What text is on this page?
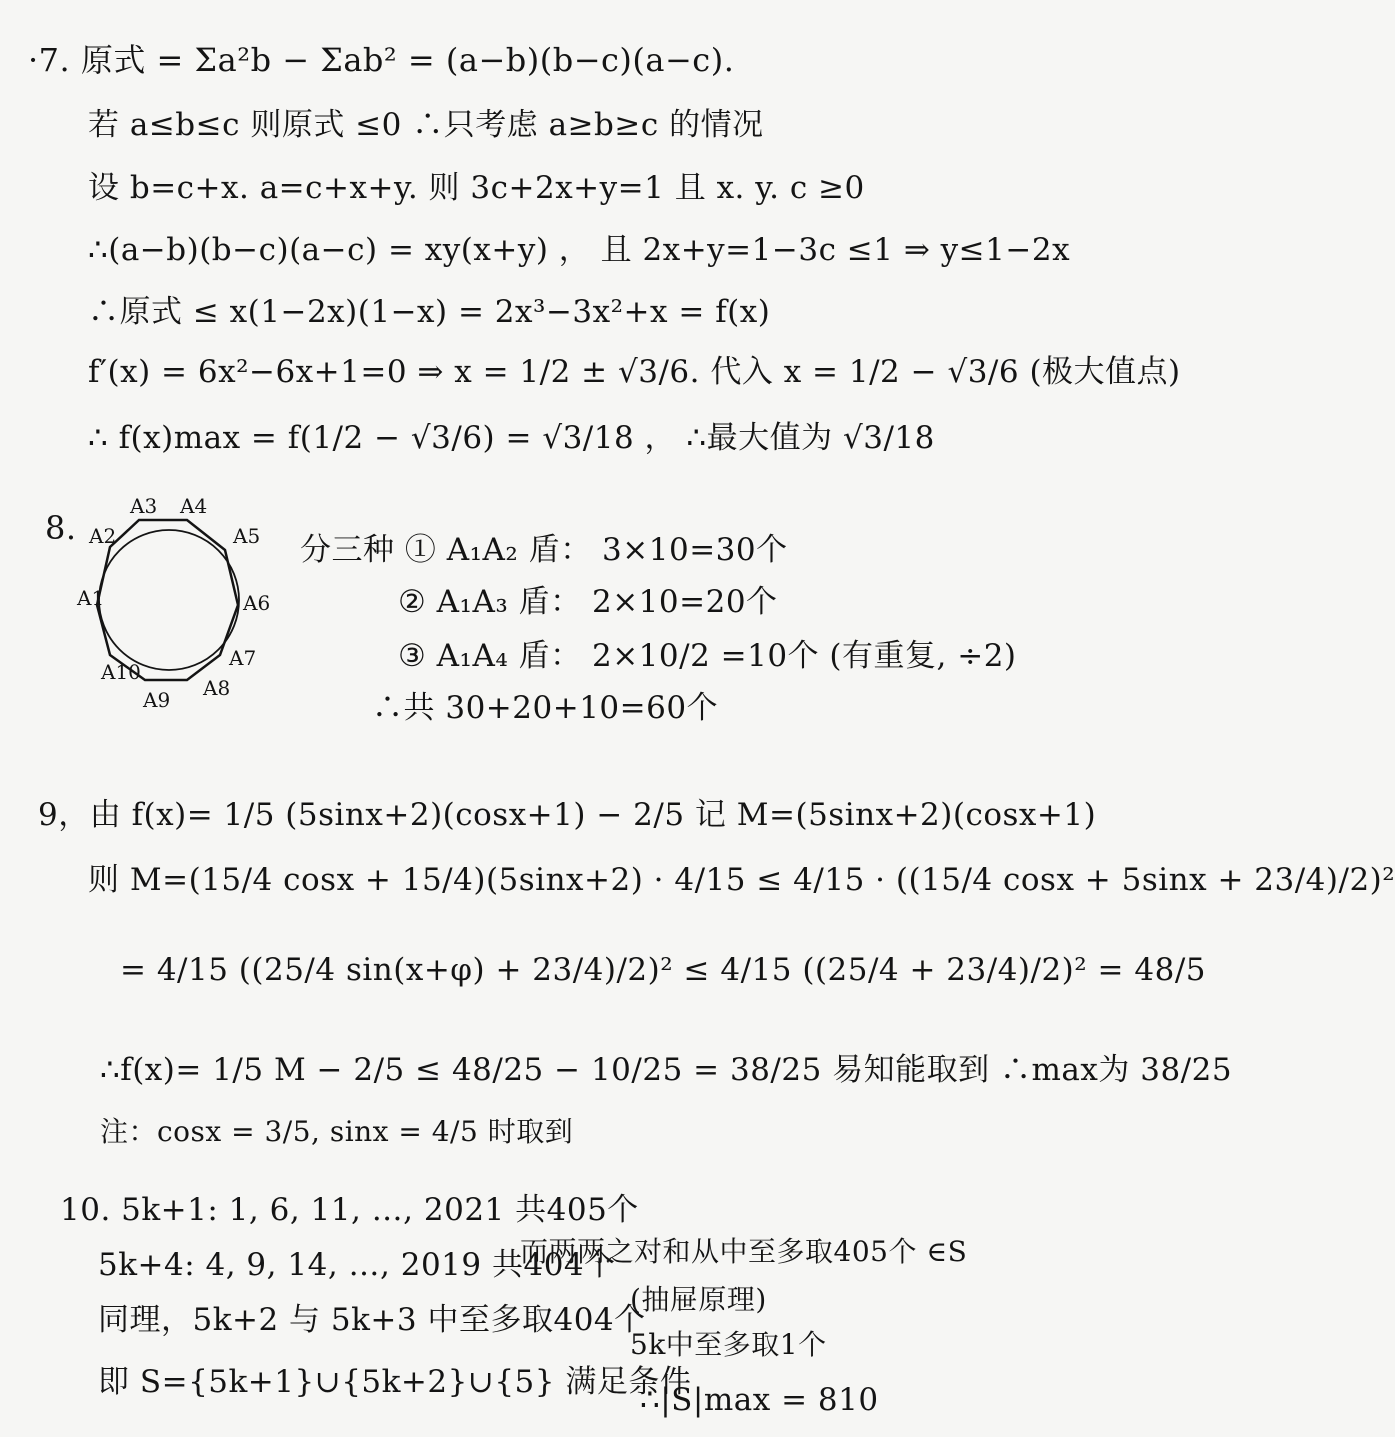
·7. 原式 = Σa²b − Σab² = (a−b)(b−c)(a−c).
若 a≤b≤c 则原式 ≤0 ∴只考虑 a≥b≥c 的情况
设 b=c+x. a=c+x+y. 则 3c+2x+y=1 且 x. y. c ≥0
∴(a−b)(b−c)(a−c) = xy(x+y) ， 且 2x+y=1−3c ≤1 ⇒ y≤1−2x
∴原式 ≤ x(1−2x)(1−x) = 2x³−3x²+x = f(x)
f′(x) = 6x²−6x+1=0 ⇒ x = 1/2 ± √3/6. 代入 x = 1/2 − √3/6 (极大值点)
∴ f(x)max = f(1/2 − √3/6) = √3/18 ， ∴最大值为 √3/18
8.
A3 A4
A5
A2
A1	A6
A7
A8
A9
A10
分三种 ① A₁A₂ 盾： 3×10=30个
② A₁A₃ 盾： 2×10=20个
③ A₁A₄ 盾： 2×10/2 =10个 (有重复, ÷2)
∴共 30+20+10=60个
9，由 f(x)= 1/5 (5sinx+2)(cosx+1) − 2/5 记 M=(5sinx+2)(cosx+1)
则 M=(15/4 cosx + 15/4)(5sinx+2) · 4/15 ≤ 4/15 · ((15/4 cosx + 5sinx + 23/4)/2)²
= 4/15 ((25/4 sin(x+φ) + 23/4)/2)² ≤ 4/15 ((25/4 + 23/4)/2)² = 48/5
∴f(x)= 1/5 M − 2/5 ≤ 48/25 − 10/25 = 38/25 易知能取到 ∴max为 38/25
注：cosx = 3/5, sinx = 4/5 时取到
10. 5k+1: 1, 6, 11, …, 2021 共405个
5k+4: 4, 9, 14, …, 2019 共404个
同理，5k+2 与 5k+3 中至多取404个
即 S={5k+1}∪{5k+2}∪{5} 满足条件
而两两之对和从中至多取405个 ∈S
(抽屉原理)
5k中至多取1个
∴|S|max = 810
